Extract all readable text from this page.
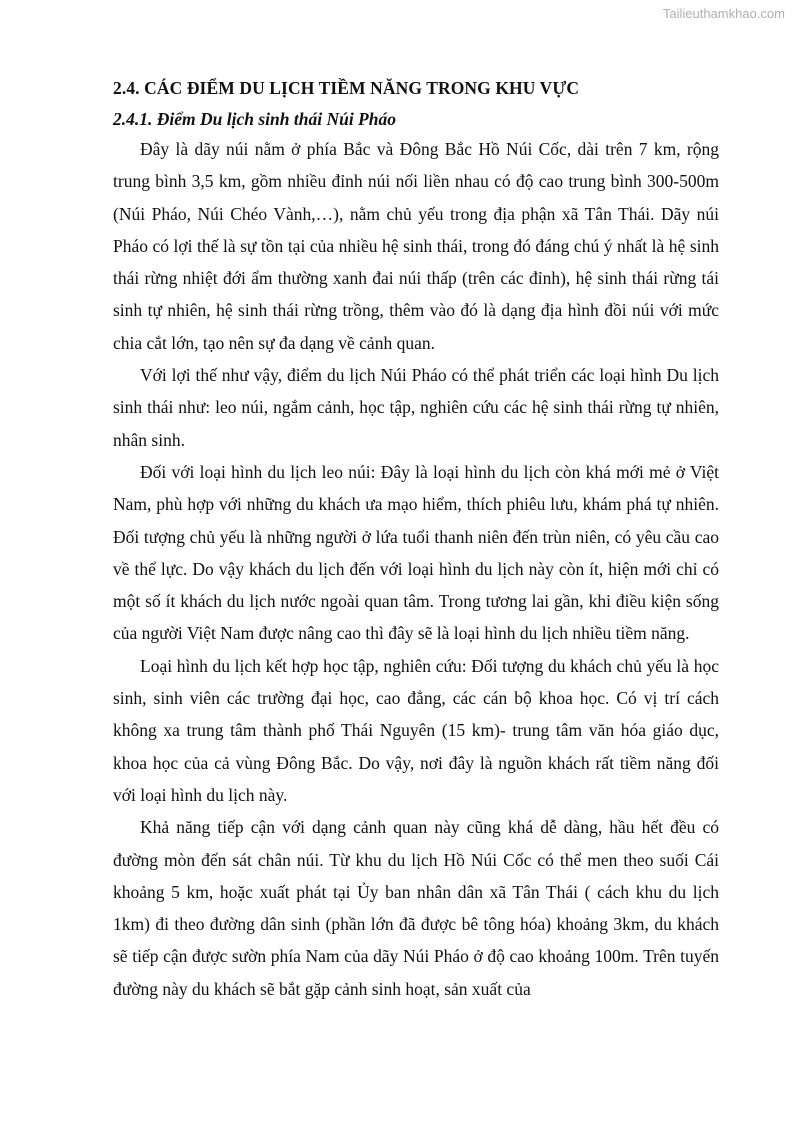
Tailieuthamkhao.com
2.4. CÁC ĐIỂM DU LỊCH TIỀM NĂNG TRONG KHU VỰC
2.4.1. Điểm Du lịch sinh thái Núi Pháo

Đây là dãy núi nằm ở phía Bắc và Đông Bắc Hồ Núi Cốc, dài trên 7 km, rộng trung bình 3,5 km, gồm nhiều đỉnh núi nối liền nhau có độ cao trung bình 300-500m (Núi Pháo, Núi Chéo Vành,…), nằm chủ yếu trong địa phận xã Tân Thái. Dãy núi Pháo có lợi thế là sự tồn tại của nhiều hệ sinh thái, trong đó đáng chú ý nhất là hệ sinh thái rừng nhiệt đới ẩm thường xanh đai núi thấp (trên các đỉnh), hệ sinh thái rừng tái sinh tự nhiên, hệ sinh thái rừng trồng, thêm vào đó là dạng địa hình đồi núi với mức chia cắt lớn, tạo nên sự đa dạng về cảnh quan.

Với lợi thế như vậy, điểm du lịch Núi Pháo có thể phát triển các loại hình Du lịch sinh thái như: leo núi, ngắm cảnh, học tập, nghiên cứu các hệ sinh thái rừng tự nhiên, nhân sinh.

Đối với loại hình du lịch leo núi: Đây là loại hình du lịch còn khá mới mẻ ở Việt Nam, phù hợp với những du khách ưa mạo hiểm, thích phiêu lưu, khám phá tự nhiên. Đối tượng chủ yếu là những người ở lứa tuổi thanh niên đến trùn niên, có yêu cầu cao về thể lực. Do vậy khách du lịch đến với loại hình du lịch này còn ít, hiện mới chỉ có một số ít khách du lịch nước ngoài quan tâm. Trong tương lai gần, khi điều kiện sống của người Việt Nam được nâng cao thì đây sẽ là loại hình du lịch nhiều tiềm năng.

Loại hình du lịch kết hợp học tập, nghiên cứu: Đối tượng du khách chủ yếu là học sinh, sinh viên các trường đại học, cao đẳng, các cán bộ khoa học. Có vị trí cách không xa trung tâm thành phố Thái Nguyên (15 km)- trung tâm văn hóa giáo dục, khoa học của cả vùng Đông Bắc. Do vậy, nơi đây là nguồn khách rất tiềm năng đối với loại hình du lịch này.

Khả năng tiếp cận với dạng cảnh quan này cũng khá dễ dàng, hầu hết đều có đường mòn đến sát chân núi. Từ khu du lịch Hồ Núi Cốc có thể men theo suối Cái khoảng 5 km, hoặc xuất phát tại Ủy ban nhân dân xã Tân Thái ( cách khu du lịch 1km) đi theo đường dân sinh (phần lớn đã được bê tông hóa) khoảng 3km, du khách sẽ tiếp cận được sườn phía Nam của dãy Núi Pháo ở độ cao khoảng 100m. Trên tuyến đường này du khách sẽ bắt gặp cảnh sinh hoạt, sản xuất của
